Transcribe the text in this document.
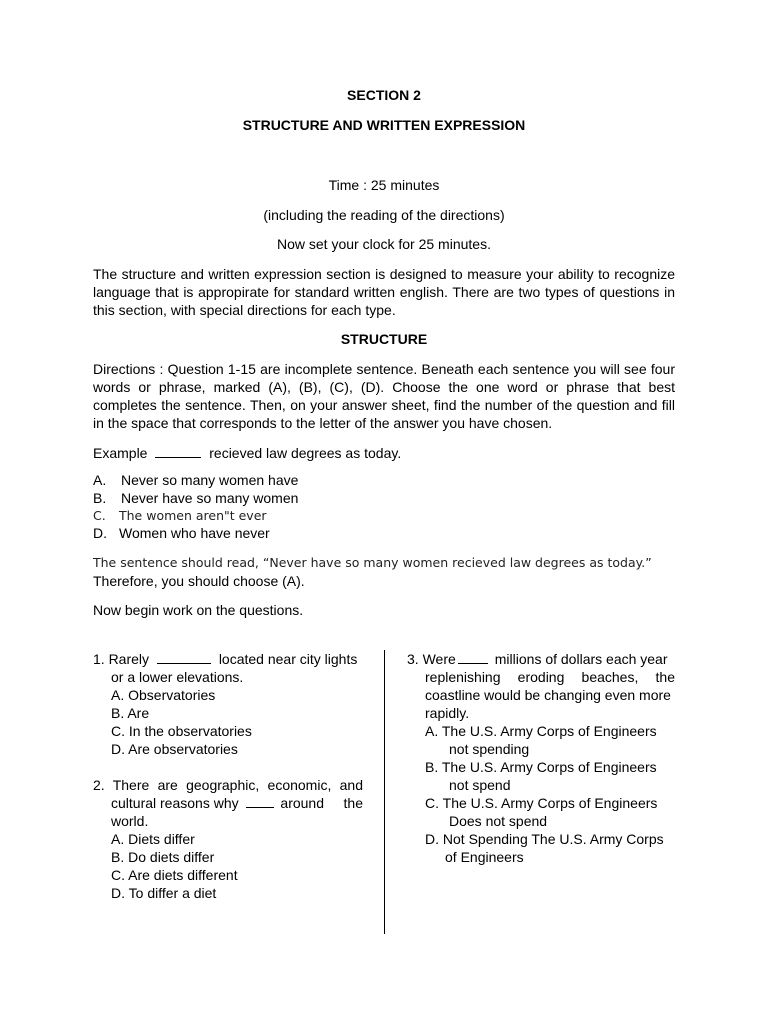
SECTION 2
STRUCTURE AND WRITTEN EXPRESSION
Time : 25 minutes
(including the reading of the directions)
Now set your clock for 25 minutes.
The structure and written expression section is designed to measure your ability to recognize language that is appropirate for standard written english. There are two types of questions in this section, with special directions for each type.
STRUCTURE
Directions : Question 1-15 are incomplete sentence. Beneath each sentence you will see four words or phrase, marked (A), (B), (C), (D). Choose the one word or phrase that best completes the sentence. Then, on your answer sheet, find the number of the question and fill in the space that corresponds to the letter of the answer you have chosen.
Example	recieved law degrees as today.
A. Never so many women have
B. Never have so many women
C. The women aren"t ever
D. Women who have never
The sentence should read, “Never have so many women recieved law degrees as today.”
Therefore, you should choose (A).
Now begin work on the questions.
1. Rarely	located near city lights
or a lower elevations.
A. Observatories
B. Are
C. In the observatories
D. Are observatories
2. There are geographic, economic, and
cultural reasons why	around the
world.
A. Diets differ
B. Do diets differ
C. Are diets different
D. To differ a diet
3. Were	millions of dollars each year
replenishing eroding beaches, the
coastline would be changing even more
rapidly.
A. The U.S. Army Corps of Engineers
not spending
B. The U.S. Army Corps of Engineers
not spend
C. The U.S. Army Corps of Engineers
Does not spend
D. Not Spending The U.S. Army Corps
of Engineers
